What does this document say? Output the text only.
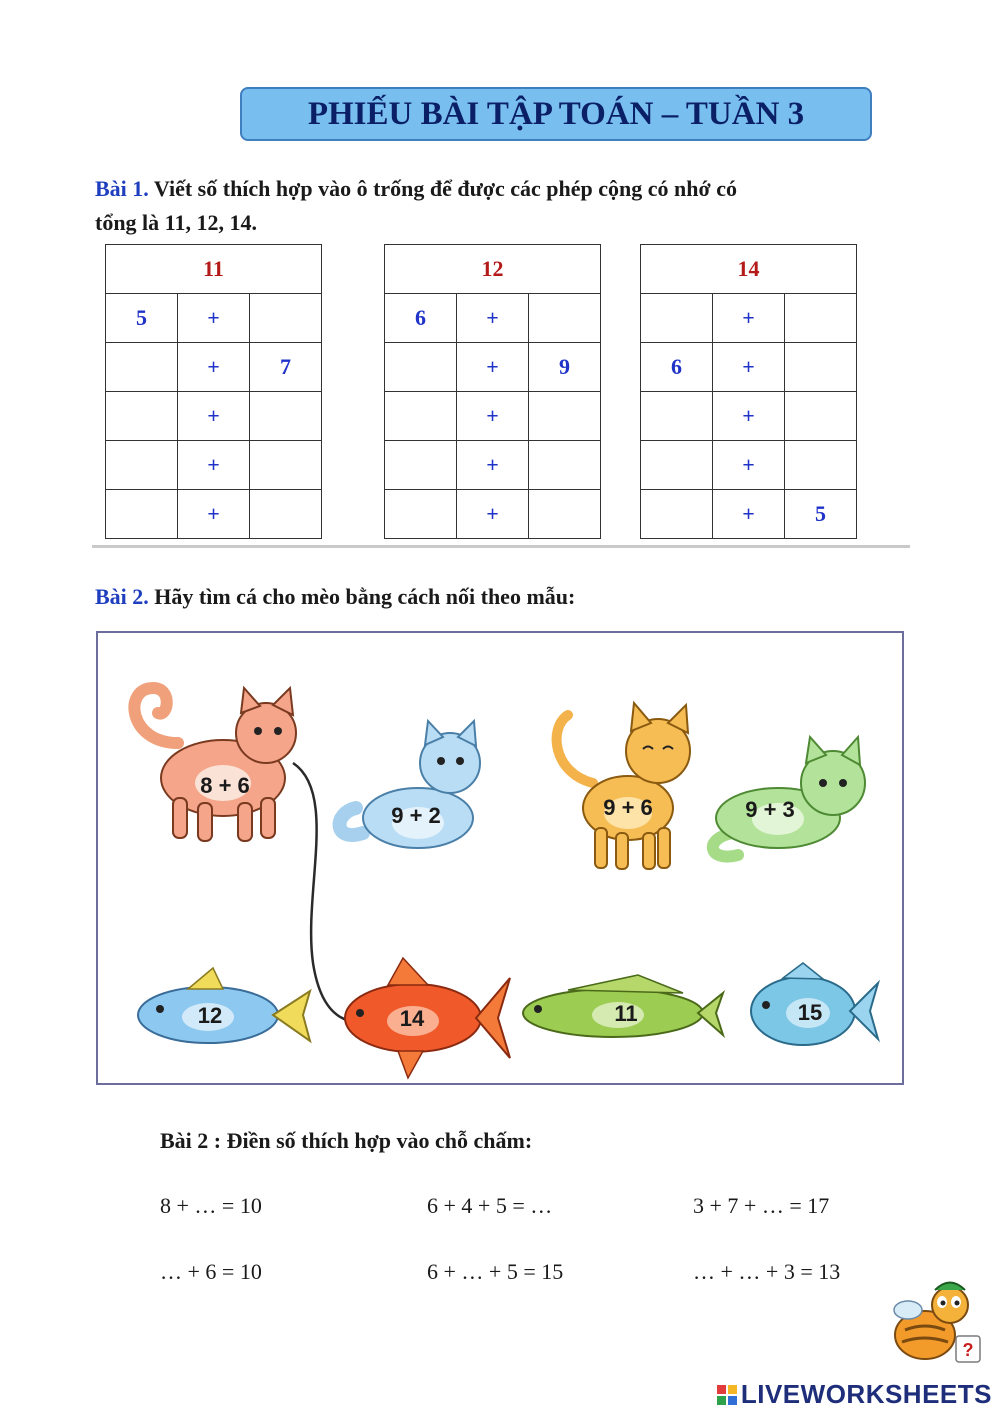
PHIẾU BÀI TẬP TOÁN – TUẦN 3
Bài 1. Viết số thích hợp vào ô trống để được các phép cộng có nhớ có
tổng là 11, 12, 14.
11		
5	+	
	+	7
	+	
	+	
	+	
12		
6	+	
	+	9
	+	
	+	
	+	
14		
	+	
6	+	
	+	
	+	
	+	5
Bài 2. Hãy tìm cá cho mèo bằng cách nối theo mẫu:
8 + 6
9 + 2	9 + 6	9 + 3
12	14	11	15
Bài 2 : Điền số thích hợp vào chỗ chấm:
8 + … = 10	6 + 4 + 5 = …	3 + 7 + … = 17
… + 6 = 10	6 + … + 5 = 15	… + … + 3 = 13
?
LIVEWORKSHEETS
